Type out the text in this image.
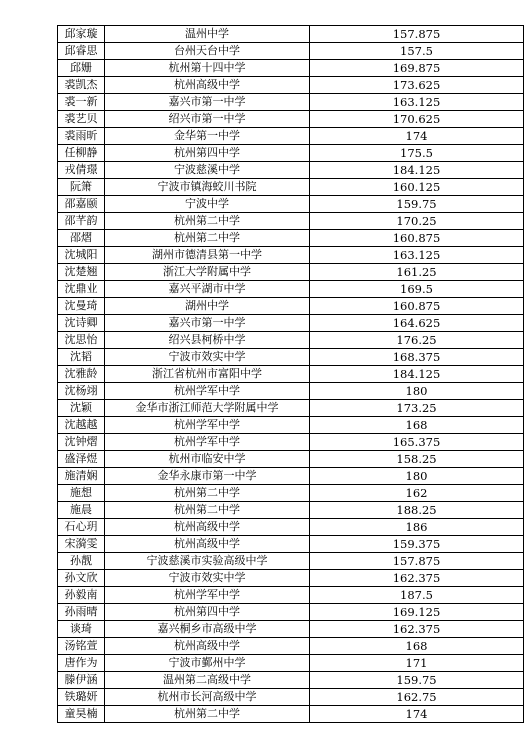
邱家璇	温州中学	157.875
邱睿思	台州天台中学	157.5
邱姗	杭州第十四中学	169.875
裘凯杰	杭州高级中学	173.625
裘一新	嘉兴市第一中学	163.125
裘艺贝	绍兴市第一中学	170.625
裘雨昕	金华第一中学	174
任柳静	杭州第四中学	175.5
戎倩璟	宁波慈溪中学	184.125
阮箫	宁波市镇海蛟川书院	160.125
邵嘉颐	宁波中学	159.75
邵芊韵	杭州第二中学	170.25
邵熠	杭州第二中学	160.875
沈城阳	湖州市德清县第一中学	163.125
沈楚翘	浙江大学附属中学	161.25
沈鼎业	嘉兴平湖市中学	169.5
沈曼琦	湖州中学	160.875
沈诗卿	嘉兴市第一中学	164.625
沈思怡	绍兴县柯桥中学	176.25
沈韬	宁波市效实中学	168.375
沈雅龄	浙江省杭州市富阳中学	184.125
沈杨翊	杭州学军中学	180
沈颖	金华市浙江师范大学附属中学	173.25
沈越越	杭州学军中学	168
沈钟熠	杭州学军中学	165.375
盛泽煜	杭州市临安中学	158.25
施清娴	金华永康市第一中学	180
施想	杭州第二中学	162
施晨	杭州第二中学	188.25
石心玥	杭州高级中学	186
宋漪雯	杭州高级中学	159.375
孙靓	宁波慈溪市实验高级中学	157.875
孙文欣	宁波市效实中学	162.375
孙毅南	杭州学军中学	187.5
孙雨晴	杭州第四中学	169.125
谈琦	嘉兴桐乡市高级中学	162.375
汤铭萱	杭州高级中学	168
唐作为	宁波市鄞州中学	171
滕伊涵	温州第二高级中学	159.75
铁璐妍	杭州市长河高级中学	162.75
童昊楠	杭州第二中学	174
